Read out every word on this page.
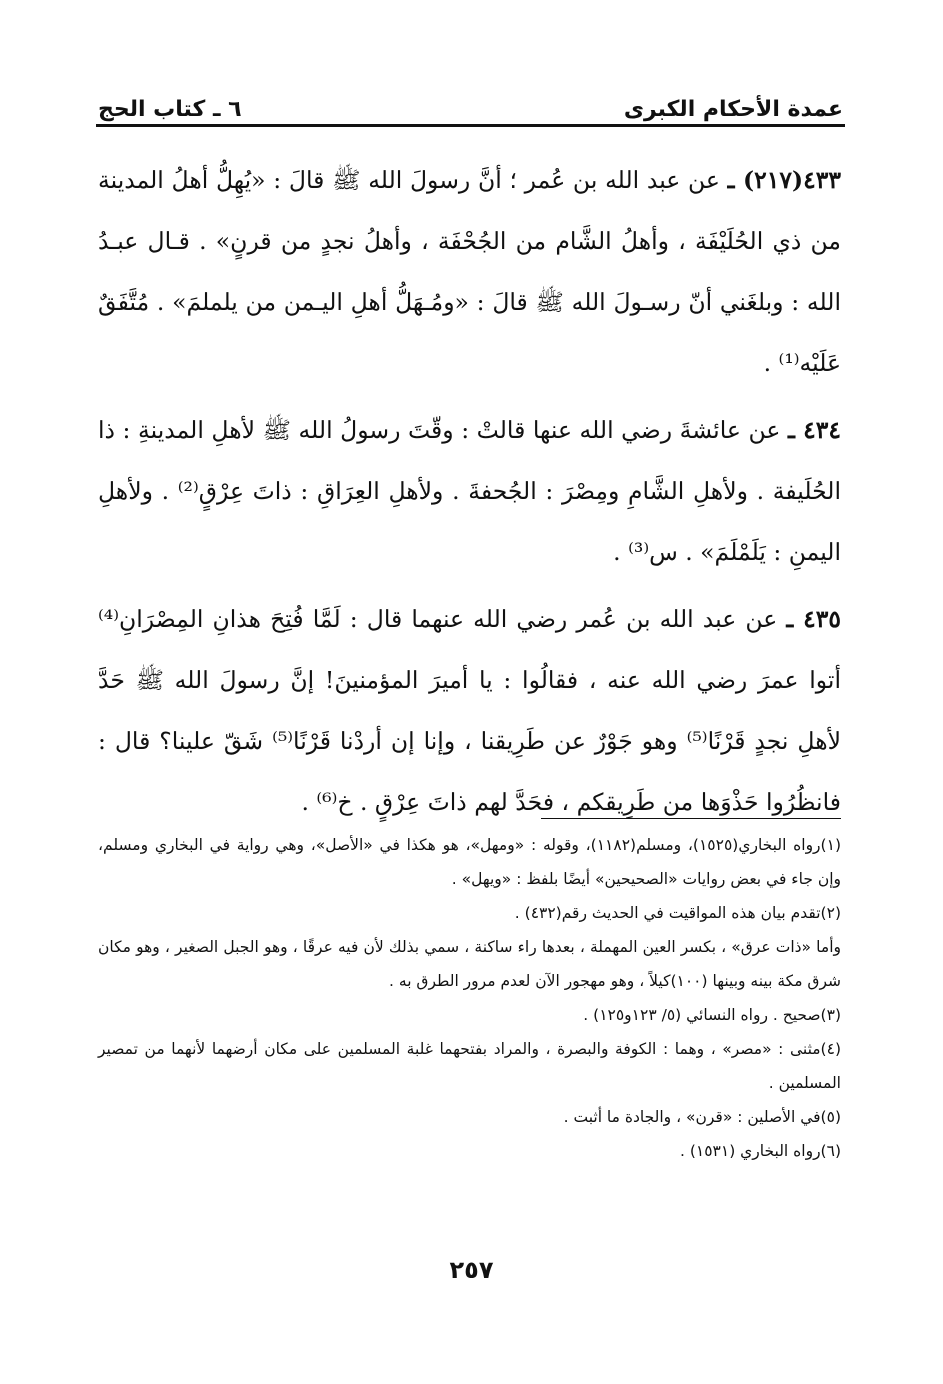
عمدة الأحكام الكبرى
٦ ـ كتاب الحج

٤٣٣(٢١٧) ـ عن عبد الله بن عُمر ؛ أنَّ رسولَ الله ﷺ قالَ : «يُهِلُّ أهلُ المدينة من ذي الحُلَيْفَة ، وأهلُ الشَّام من الجُحْفَة ، وأهلُ نجدٍ من قرنٍ» . قـال عبـدُ الله : وبلغَني أنّ رسـولَ الله ﷺ قالَ : «ومُـهَلُّ أهلِ اليـمن من يلملمَ» . مُتَّفَقٌ عَلَيْه⁽¹⁾ .

٤٣٤ ـ عن عائشةَ رضي الله عنها قالتْ : وقّتَ رسولُ الله ﷺ لأهلِ المدينةِ : ذا الحُلَيفة . ولأهلِ الشَّامِ ومِصْرَ : الجُحفةَ . ولأهلِ العِرَاقِ : ذاتَ عِرْقٍ⁽²⁾ . ولأهلِ اليمنِ : يَلَمْلَمَ» . س⁽³⁾ .

٤٣٥ ـ عن عبد الله بن عُمر رضي الله عنهما قال : لَمَّا فُتِحَ هذانِ المِصْرَانِ⁽⁴⁾ أتوا عمرَ رضي الله عنه ، فقالُوا : يا أميرَ المؤمنينَ! إنَّ رسولَ الله ﷺ حَدَّ لأهلِ نجدٍ قَرْنًا⁽⁵⁾ وهو جَوْرٌ عن طَرِيقنا ، وإنا إن أردْنا قَرْنًا⁽⁵⁾ شَقّ علينا؟ قال : فانظُرُوا حَذْوَها من طَرِيقكم ، فحَدَّ لهم ذاتَ عِرْقٍ . خ⁽⁶⁾ .

(١)رواه البخاري(١٥٢٥)، ومسلم(١١٨٢)، وقوله : «ومهل»، هو هكذا في «الأصل»، وهي رواية في البخاري ومسلم، وإن جاء في بعض روايات «الصحيحين» أيضًا بلفظ : «ويهل» .

(٢)تقدم بيان هذه المواقيت في الحديث رقم(٤٣٢) .

وأما «ذات عرق» ، بكسر العين المهملة ، بعدها راء ساكنة ، سمي بذلك لأن فيه عرقًا ، وهو الجبل الصغير ، وهو مكان شرق مكة بينه وبينها (١٠٠)كيلاً ، وهو مهجور الآن لعدم مرور الطرق به .

(٣)صحيح . رواه النسائي (٥/ ١٢٣و١٢٥) .

(٤)مثنى : «مصر» ، وهما : الكوفة والبصرة ، والمراد بفتحهما غلبة المسلمين على مكان أرضهما لأنهما من تمصير المسلمين .

(٥)في الأصلين : «قرن» ، والجادة ما أثبت .

(٦)رواه البخاري (١٥٣١) .

٢٥٧
